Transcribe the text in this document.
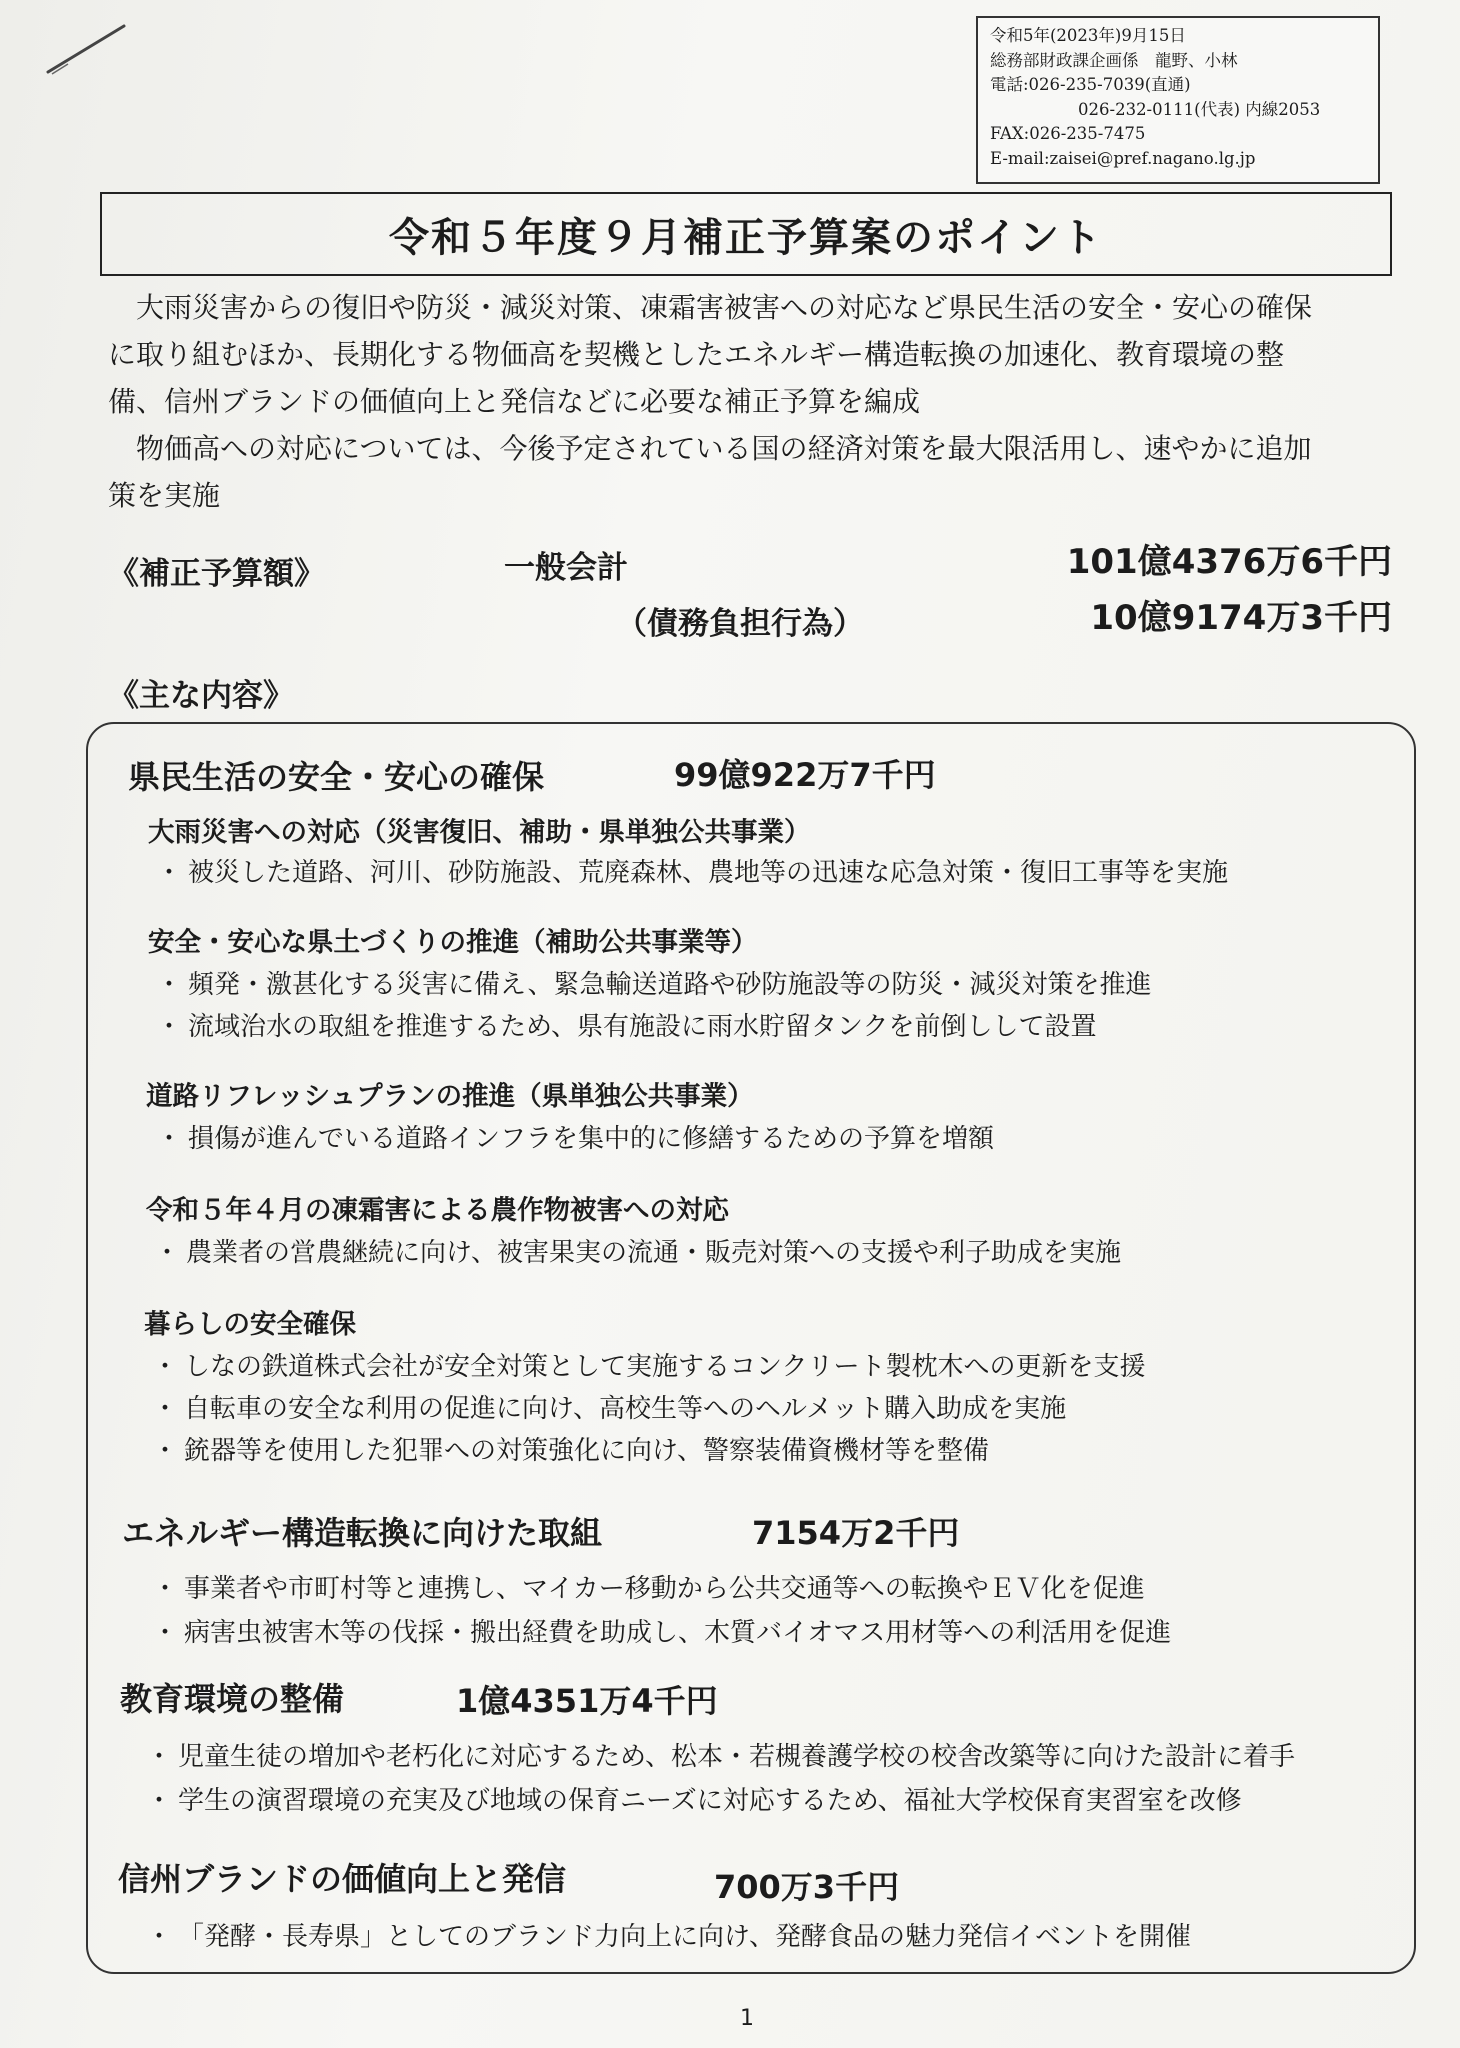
令和5年(2023年)9月15日
総務部財政課企画係　龍野、小林
電話:026-235-7039(直通)
026-232-0111(代表) 内線2053
FAX:026-235-7475
E-mail:zaisei@pref.nagano.lg.jp
令和５年度９月補正予算案のポイント

大雨災害からの復旧や防災・減災対策、凍霜害被害への対応など県民生活の安全・安心の確保

に取り組むほか、長期化する物価高を契機としたエネルギー構造転換の加速化、教育環境の整

備、信州ブランドの価値向上と発信などに必要な補正予算を編成

物価高への対応については、今後予定されている国の経済対策を最大限活用し、速やかに追加

策を実施

《補正予算額》	一般会計	101億4376万6千円
（債務負担行為）	10億9174万3千円
《主な内容》
県民生活の安全・安心の確保	99億922万7千円
大雨災害への対応（災害復旧、補助・県単独公共事業）
・ 被災した道路、河川、砂防施設、荒廃森林、農地等の迅速な応急対策・復旧工事等を実施
安全・安心な県土づくりの推進（補助公共事業等）
・ 頻発・激甚化する災害に備え、緊急輸送道路や砂防施設等の防災・減災対策を推進
・ 流域治水の取組を推進するため、県有施設に雨水貯留タンクを前倒しして設置
道路リフレッシュプランの推進（県単独公共事業）
・ 損傷が進んでいる道路インフラを集中的に修繕するための予算を増額
令和５年４月の凍霜害による農作物被害への対応
・ 農業者の営農継続に向け、被害果実の流通・販売対策への支援や利子助成を実施
暮らしの安全確保
・ しなの鉄道株式会社が安全対策として実施するコンクリート製枕木への更新を支援
・ 自転車の安全な利用の促進に向け、高校生等へのヘルメット購入助成を実施
・ 銃器等を使用した犯罪への対策強化に向け、警察装備資機材等を整備
エネルギー構造転換に向けた取組	7154万2千円
・ 事業者や市町村等と連携し、マイカー移動から公共交通等への転換やＥＶ化を促進
・ 病害虫被害木等の伐採・搬出経費を助成し、木質バイオマス用材等への利活用を促進
教育環境の整備	1億4351万4千円
・ 児童生徒の増加や老朽化に対応するため、松本・若槻養護学校の校舎改築等に向けた設計に着手
・ 学生の演習環境の充実及び地域の保育ニーズに対応するため、福祉大学校保育実習室を改修
信州ブランドの価値向上と発信	700万3千円
・ 「発酵・長寿県」としてのブランド力向上に向け、発酵食品の魅力発信イベントを開催
1
